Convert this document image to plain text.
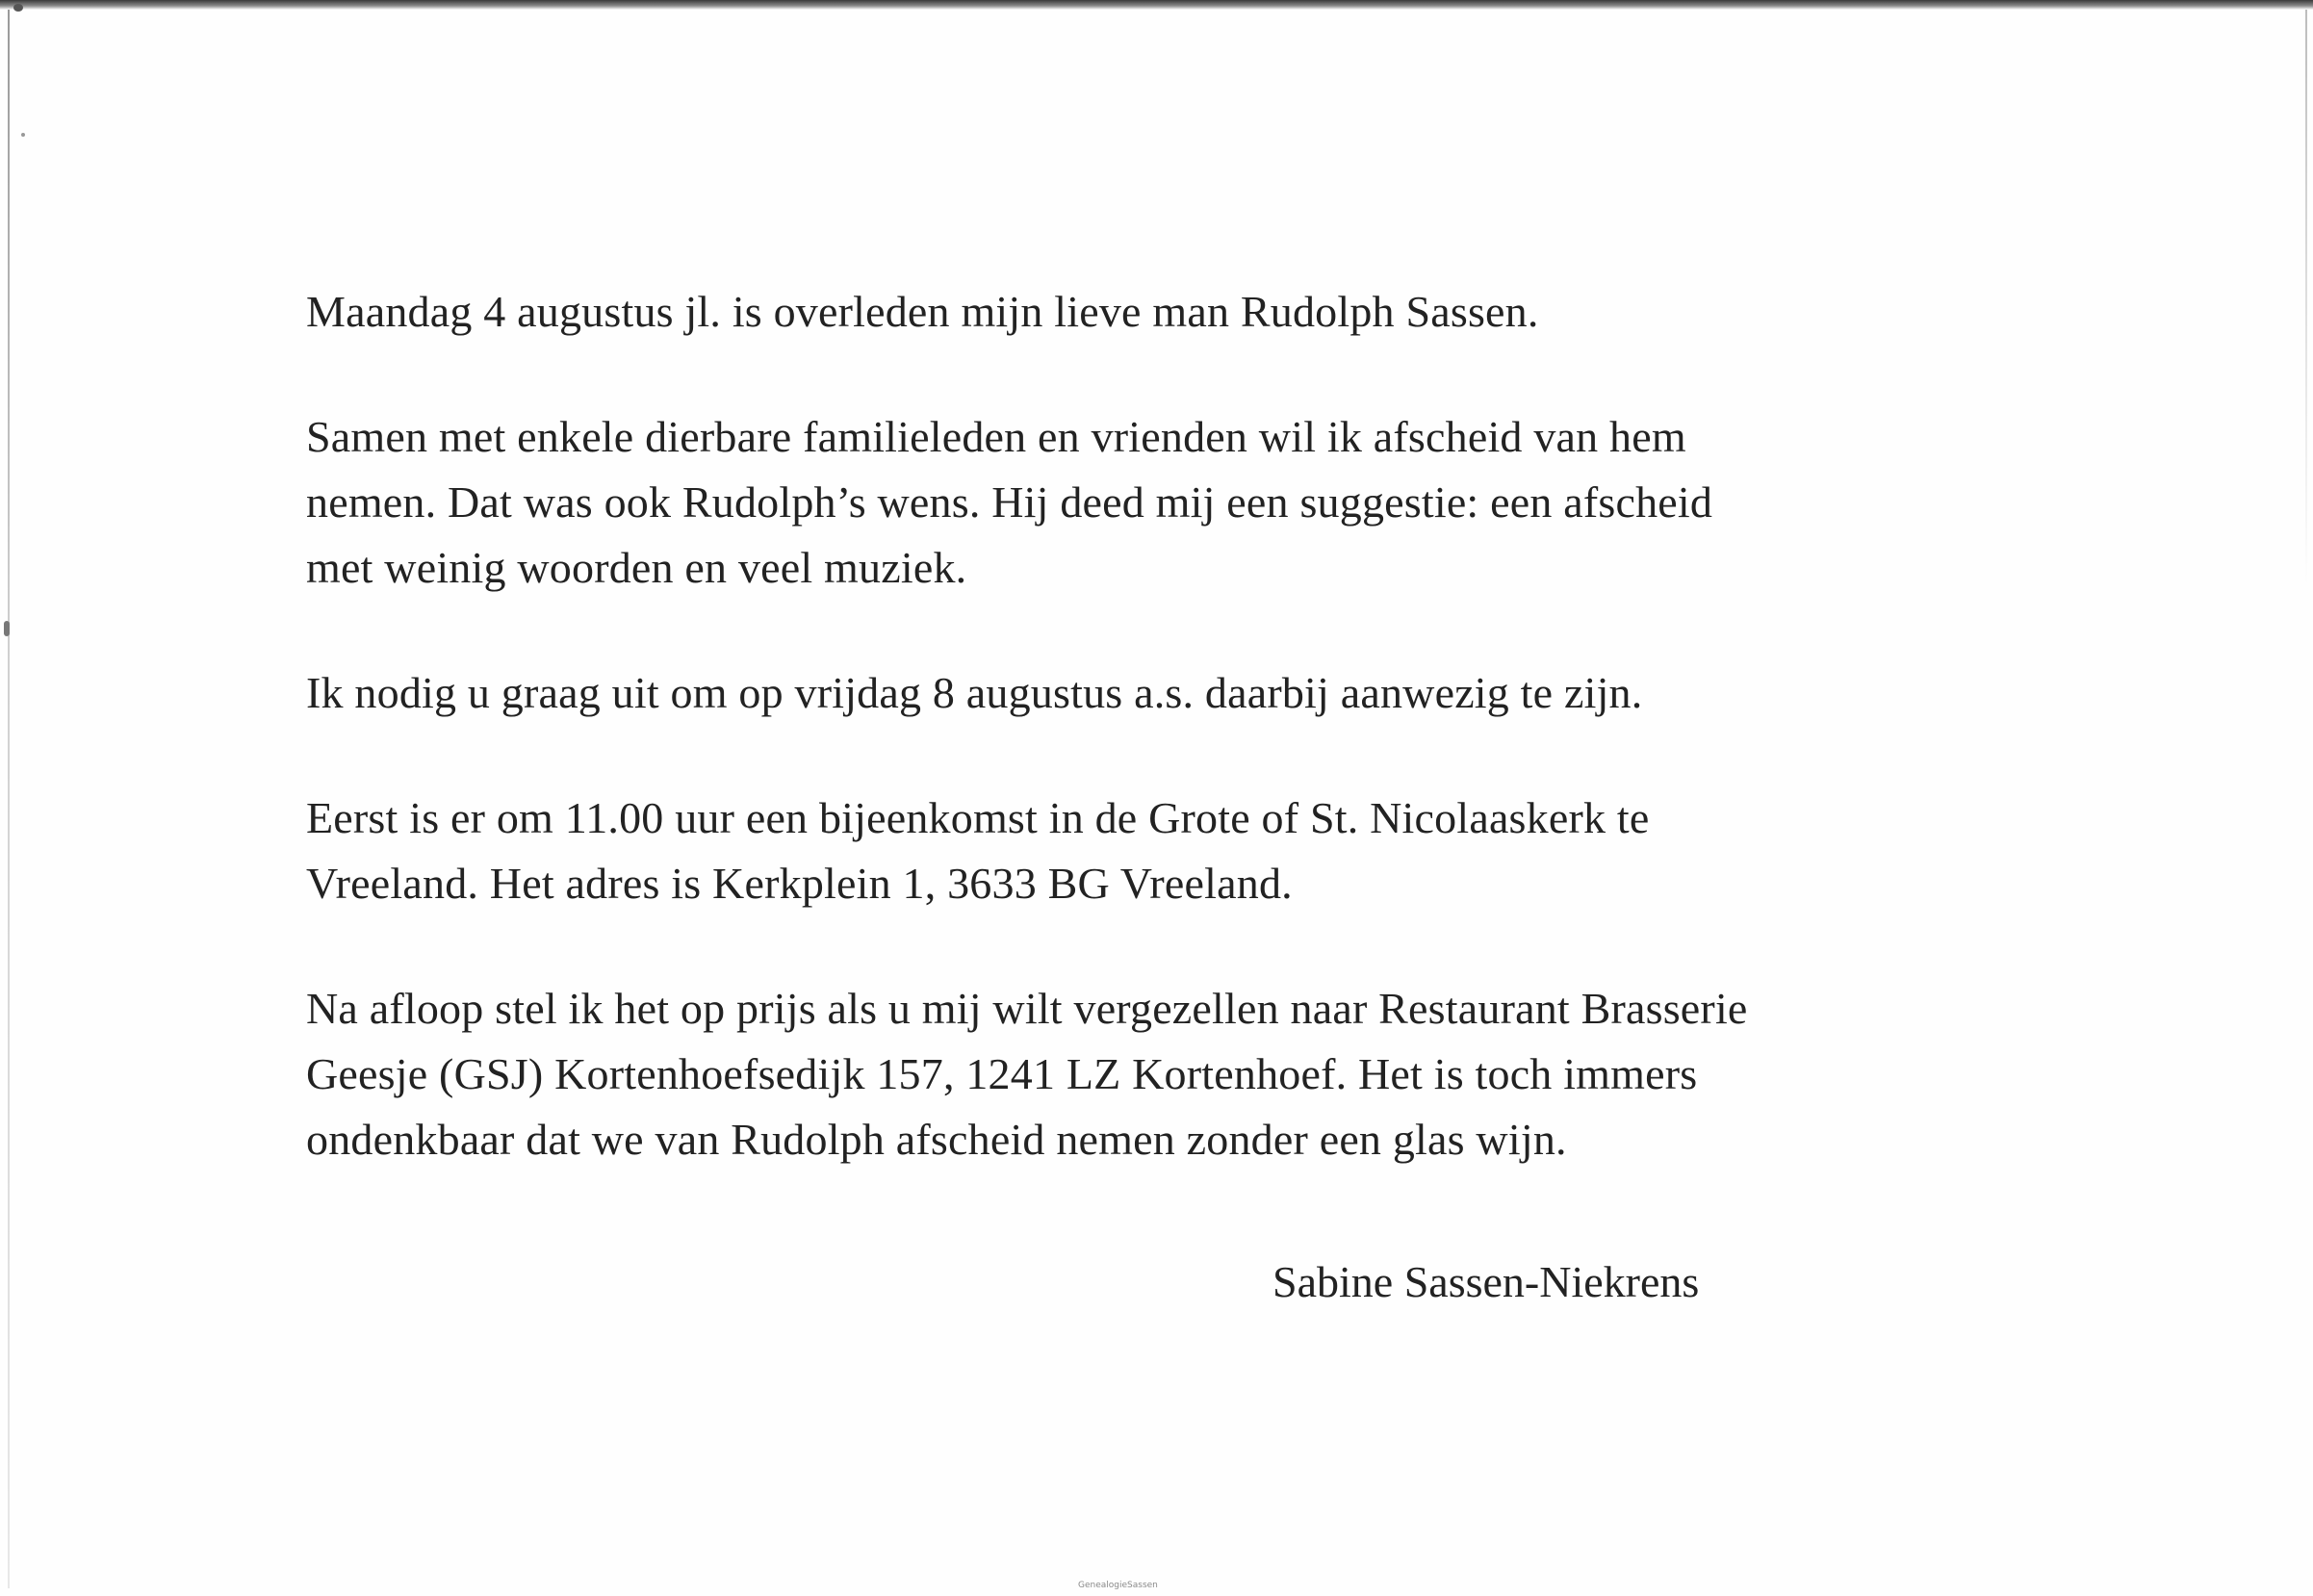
Maandag 4 augustus jl. is overleden mijn lieve man Rudolph Sassen.

Samen met enkele dierbare familieleden en vrienden wil ik afscheid van hem
nemen. Dat was ook Rudolph’s wens. Hij deed mij een suggestie: een afscheid
met weinig woorden en veel muziek.

Ik nodig u graag uit om op vrijdag 8 augustus a.s. daarbij aanwezig te zijn.

Eerst is er om 11.00 uur een bijeenkomst in de Grote of St. Nicolaaskerk te
Vreeland. Het adres is Kerkplein 1, 3633 BG Vreeland.

Na afloop stel ik het op prijs als u mij wilt vergezellen naar Restaurant Brasserie
Geesje (GSJ) Kortenhoefsedijk 157, 1241 LZ Kortenhoef. Het is toch immers
ondenkbaar dat we van Rudolph afscheid nemen zonder een glas wijn.

Sabine Sassen-Niekrens
GenealogieSassen
